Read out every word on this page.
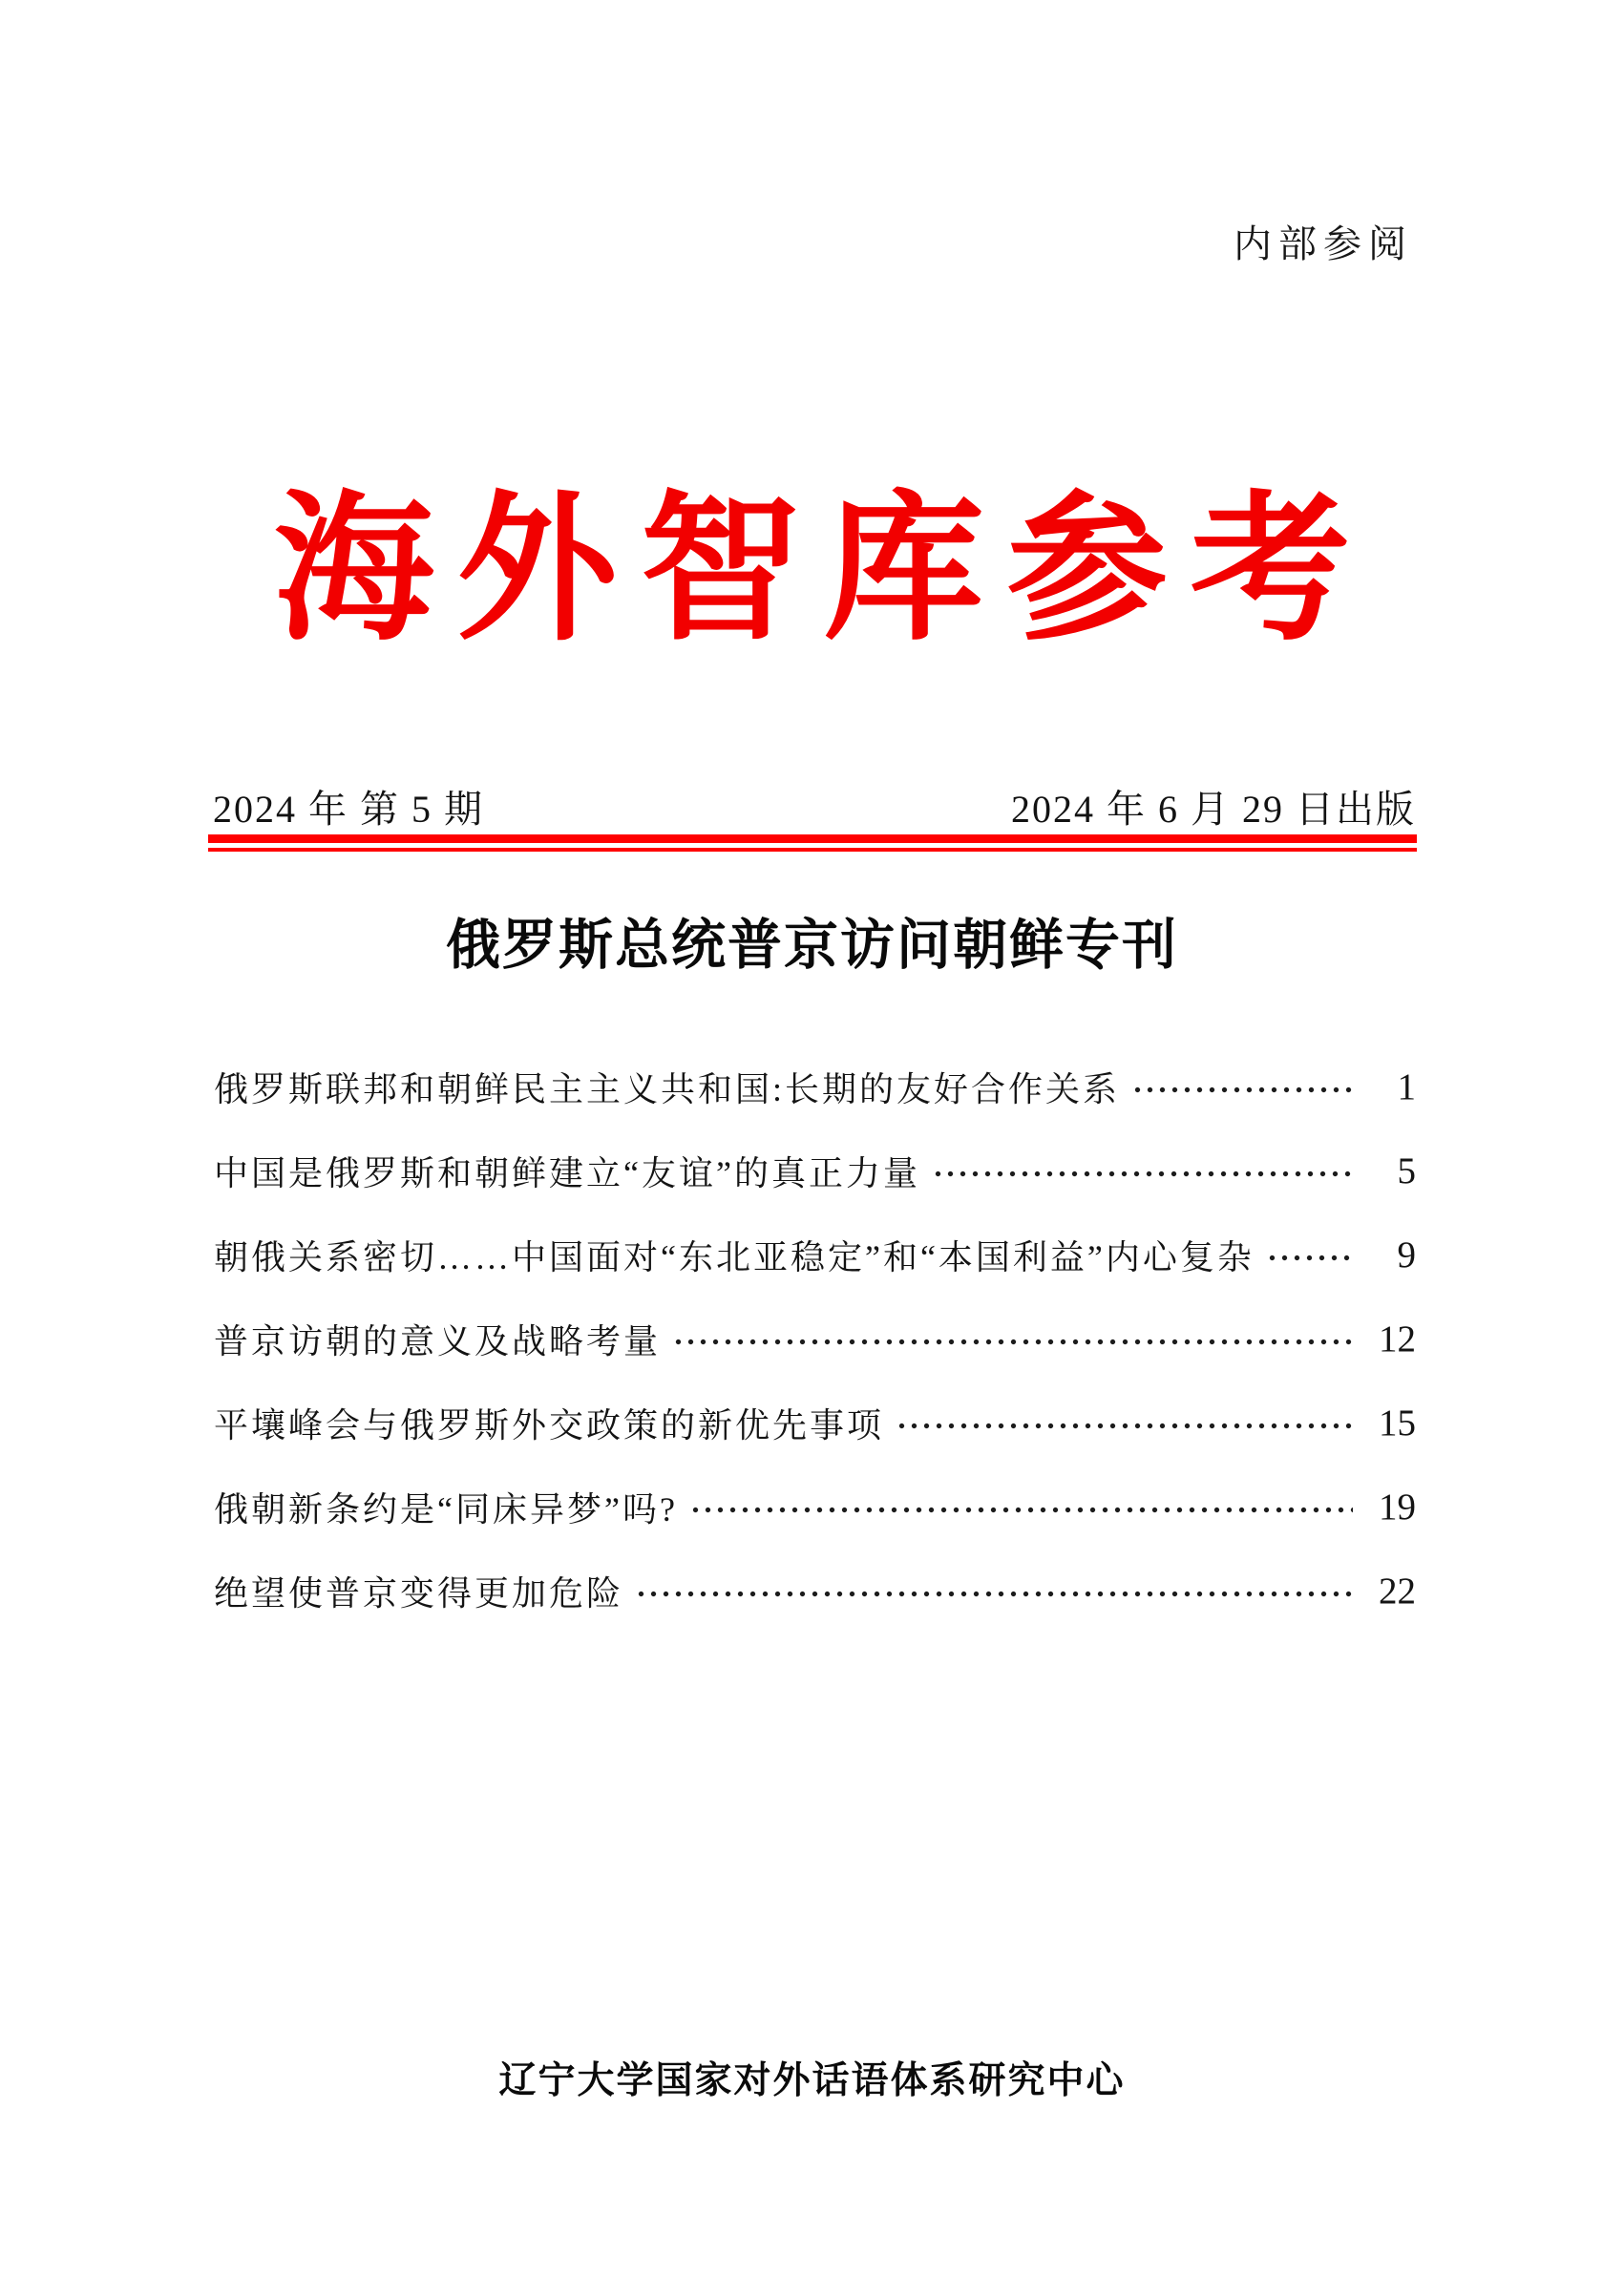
内部参阅
海外智库参考
2024 年 第 5 期	2024 年 6 月 29 日出版
俄罗斯总统普京访问朝鲜专刊
俄罗斯联邦和朝鲜民主主义共和国:长期的友好合作关系	1
中国是俄罗斯和朝鲜建立“友谊”的真正力量	5
朝俄关系密切……中国面对“东北亚稳定”和“本国利益”内心复杂	9
普京访朝的意义及战略考量	12
平壤峰会与俄罗斯外交政策的新优先事项	15
俄朝新条约是“同床异梦”吗?	19
绝望使普京变得更加危险	22
辽宁大学国家对外话语体系研究中心
